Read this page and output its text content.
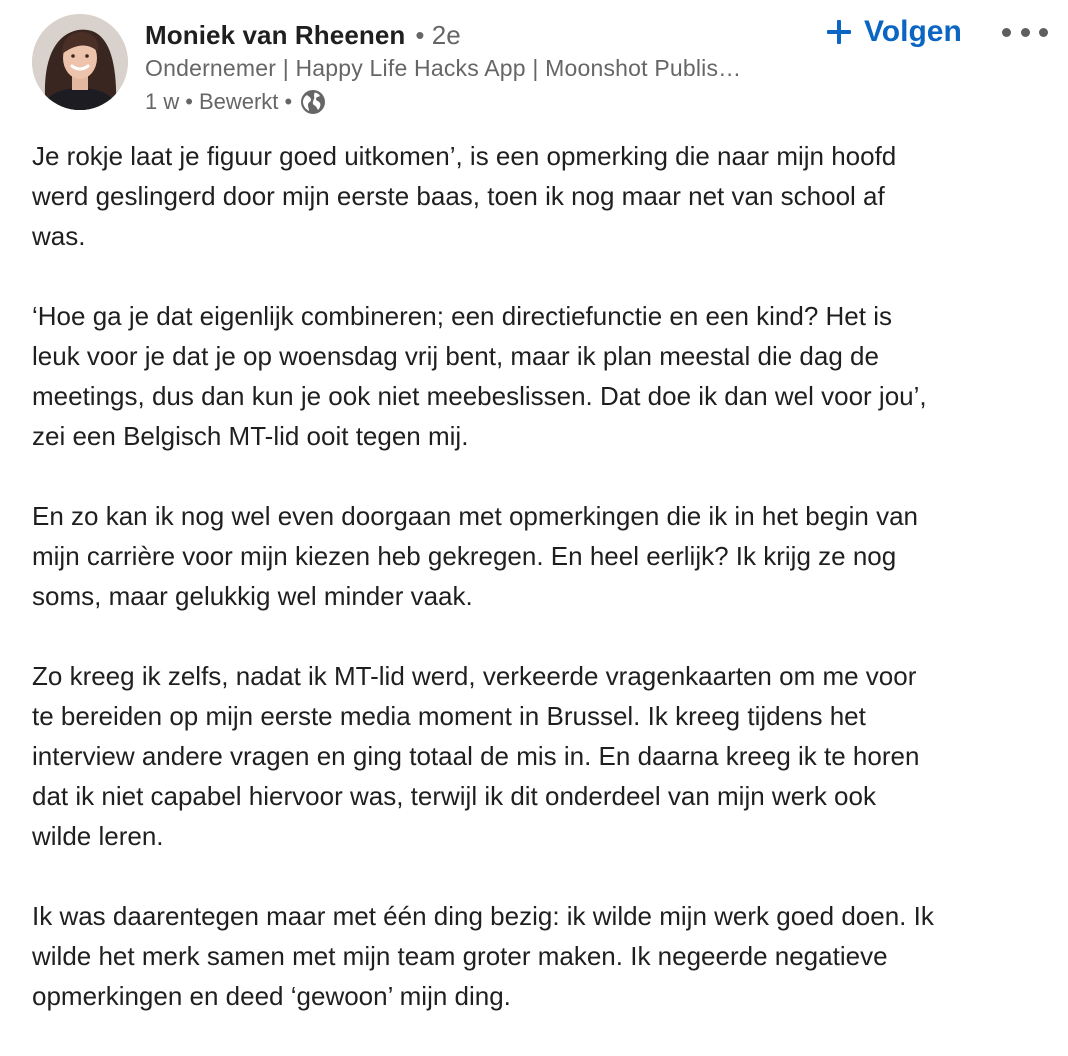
Moniek van Rheenen • 2e
Ondernemer | Happy Life Hacks App | Moonshot Publis…
1 w • Bewerkt •
Volgen

Je rokje laat je figuur goed uitkomen’, is een opmerking die naar mijn hoofd
werd geslingerd door mijn eerste baas, toen ik nog maar net van school af
was.

‘Hoe ga je dat eigenlijk combineren; een directiefunctie en een kind? Het is
leuk voor je dat je op woensdag vrij bent, maar ik plan meestal die dag de
meetings, dus dan kun je ook niet meebeslissen. Dat doe ik dan wel voor jou’,
zei een Belgisch MT-lid ooit tegen mij.

En zo kan ik nog wel even doorgaan met opmerkingen die ik in het begin van
mijn carrière voor mijn kiezen heb gekregen. En heel eerlijk? Ik krijg ze nog
soms, maar gelukkig wel minder vaak.

Zo kreeg ik zelfs, nadat ik MT-lid werd, verkeerde vragenkaarten om me voor
te bereiden op mijn eerste media moment in Brussel. Ik kreeg tijdens het
interview andere vragen en ging totaal de mis in. En daarna kreeg ik te horen
dat ik niet capabel hiervoor was, terwijl ik dit onderdeel van mijn werk ook
wilde leren.

Ik was daarentegen maar met één ding bezig: ik wilde mijn werk goed doen. Ik
wilde het merk samen met mijn team groter maken. Ik negeerde negatieve
opmerkingen en deed ‘gewoon’ mijn ding.
